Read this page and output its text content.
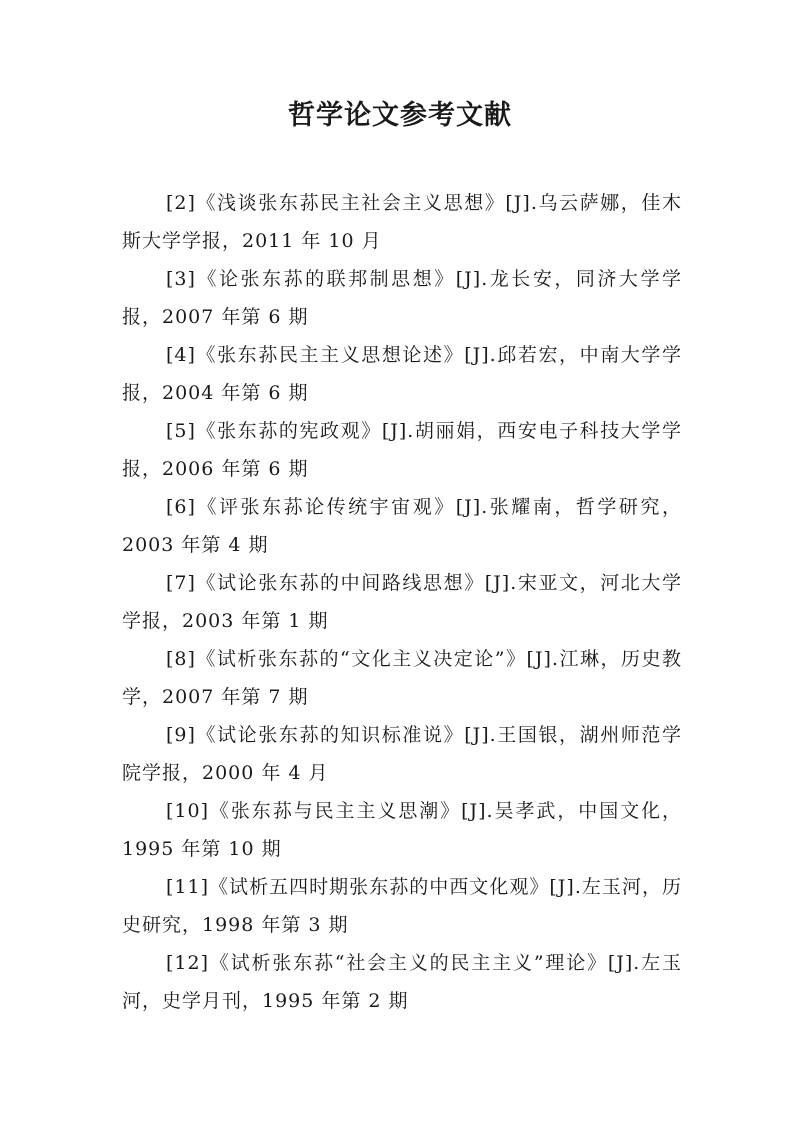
哲学论文参考文献

[2]《浅谈张东荪民主社会主义思想》[J].乌云萨娜，佳木斯大学学报，2011 年 10 月

[3]《论张东荪的联邦制思想》[J].龙长安，同济大学学报，2007 年第 6 期

[4]《张东荪民主主义思想论述》[J].邱若宏，中南大学学报，2004 年第 6 期

[5]《张东荪的宪政观》[J].胡丽娟，西安电子科技大学学报，2006 年第 6 期

[6]《评张东荪论传统宇宙观》[J].张耀南，哲学研究，2003 年第 4 期

[7]《试论张东荪的中间路线思想》[J].宋亚文，河北大学学报，2003 年第 1 期

[8]《试析张东荪的“文化主义决定论”》[J].江琳，历史教学，2007 年第 7 期

[9]《试论张东荪的知识标准说》[J].王国银，湖州师范学院学报，2000 年 4 月

[10]《张东荪与民主主义思潮》[J].吴孝武，中国文化，1995 年第 10 期

[11]《试析五四时期张东荪的中西文化观》[J].左玉河，历史研究，1998 年第 3 期

[12]《试析张东荪“社会主义的民主主义”理论》[J].左玉河，史学月刊，1995 年第 2 期
